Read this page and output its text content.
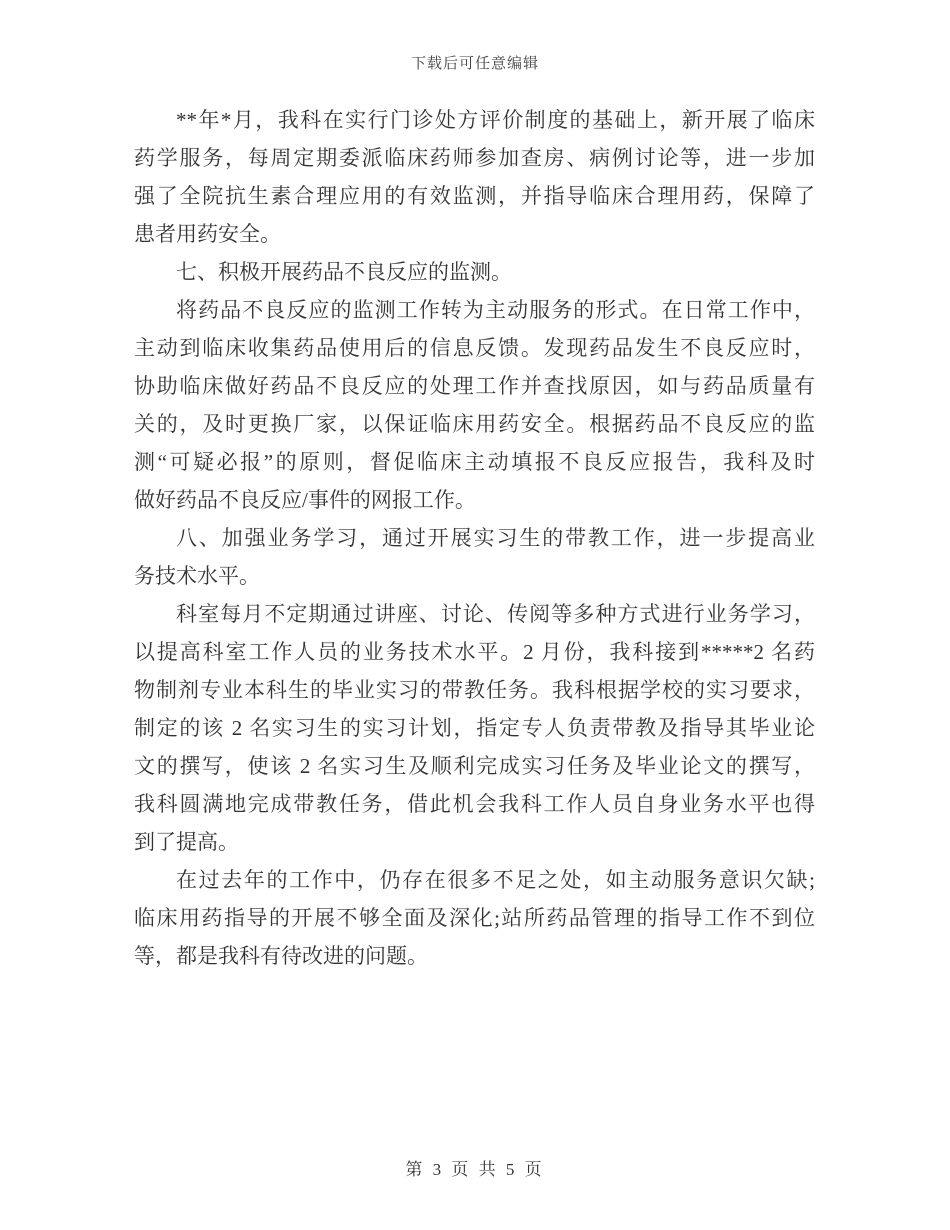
下载后可任意编辑
**年*月，我科在实行门诊处方评价制度的基础上，新开展了临床
药学服务，每周定期委派临床药师参加查房、病例讨论等，进一步加
强了全院抗生素合理应用的有效监测，并指导临床合理用药，保障了
患者用药安全。
七、积极开展药品不良反应的监测。
将药品不良反应的监测工作转为主动服务的形式。在日常工作中，
主动到临床收集药品使用后的信息反馈。发现药品发生不良反应时，
协助临床做好药品不良反应的处理工作并查找原因，如与药品质量有
关的，及时更换厂家，以保证临床用药安全。根据药品不良反应的监
测“可疑必报”的原则，督促临床主动填报不良反应报告，我科及时
做好药品不良反应/事件的网报工作。
八、加强业务学习，通过开展实习生的带教工作，进一步提高业
务技术水平。
科室每月不定期通过讲座、讨论、传阅等多种方式进行业务学习，
以提高科室工作人员的业务技术水平。2 月份，我科接到*****2 名药
物制剂专业本科生的毕业实习的带教任务。我科根据学校的实习要求，
制定的该 2 名实习生的实习计划，指定专人负责带教及指导其毕业论
文的撰写，使该 2 名实习生及顺利完成实习任务及毕业论文的撰写，
我科圆满地完成带教任务，借此机会我科工作人员自身业务水平也得
到了提高。
在过去年的工作中，仍存在很多不足之处，如主动服务意识欠缺;
临床用药指导的开展不够全面及深化;站所药品管理的指导工作不到位
等，都是我科有待改进的问题。
第 3 页 共 5 页
